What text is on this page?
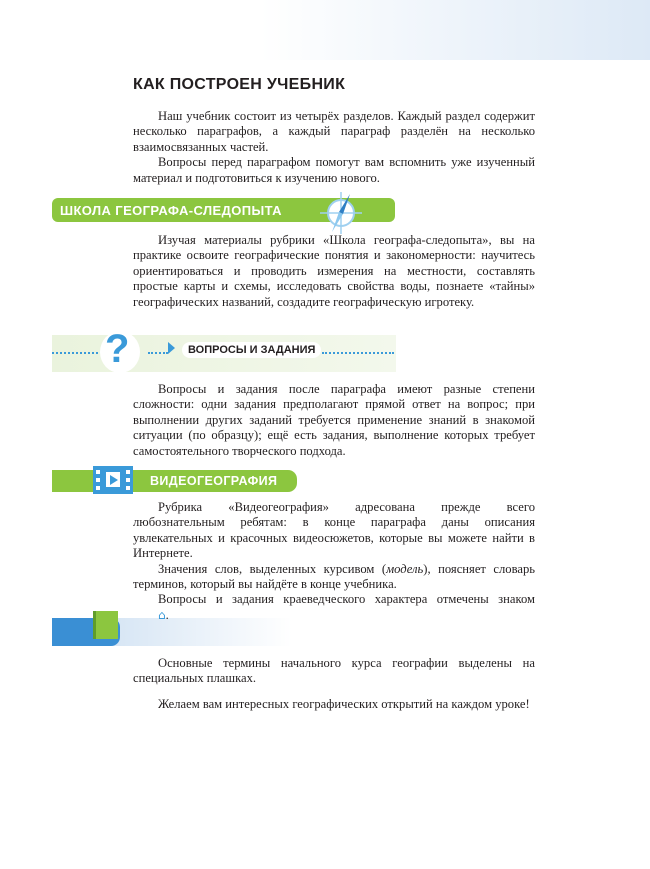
КАК ПОСТРОЕН УЧЕБНИК

Наш учебник состоит из четырёх разделов. Каждый раздел содержит несколько параграфов, а каждый параграф разделён на несколько взаимосвязанных частей.

Вопросы перед параграфом помогут вам вспомнить уже изученный материал и подготовиться к изучению нового.

ШКОЛА ГЕОГРАФА-СЛЕДОПЫТА

Изучая материалы рубрики «Школа географа-следопыта», вы на практике освоите географические понятия и закономерности: научитесь ориентироваться и проводить измерения на местности, составлять простые карты и схемы, исследовать свойства воды, познаете «тайны» географических названий, создадите географическую игротеку.

ВОПРОСЫ И ЗАДАНИЯ
?

Вопросы и задания после параграфа имеют разные степени сложности: одни задания предполагают прямой ответ на вопрос; при выполнении других заданий требуется применение знаний в знакомой ситуации (по образцу); ещё есть задания, выполнение которых требует самостоятельного творческого подхода.

ВИДЕОГЕОГРАФИЯ

Рубрика «Видеогеография» адресована прежде всего любознательным ребятам: в конце параграфа даны описания увлекательных и красочных видеосюжетов, которые вы можете найти в Интернете.

Значения слов, выделенных курсивом (модель), поясняет словарь терминов, который вы найдёте в конце учебника.

Вопросы и задания краеведческого характера отмечены знаком ⌂.

Основные термины начального курса географии выделены на специальных плашках.

Желаем вам интересных географических открытий на каждом уроке!
